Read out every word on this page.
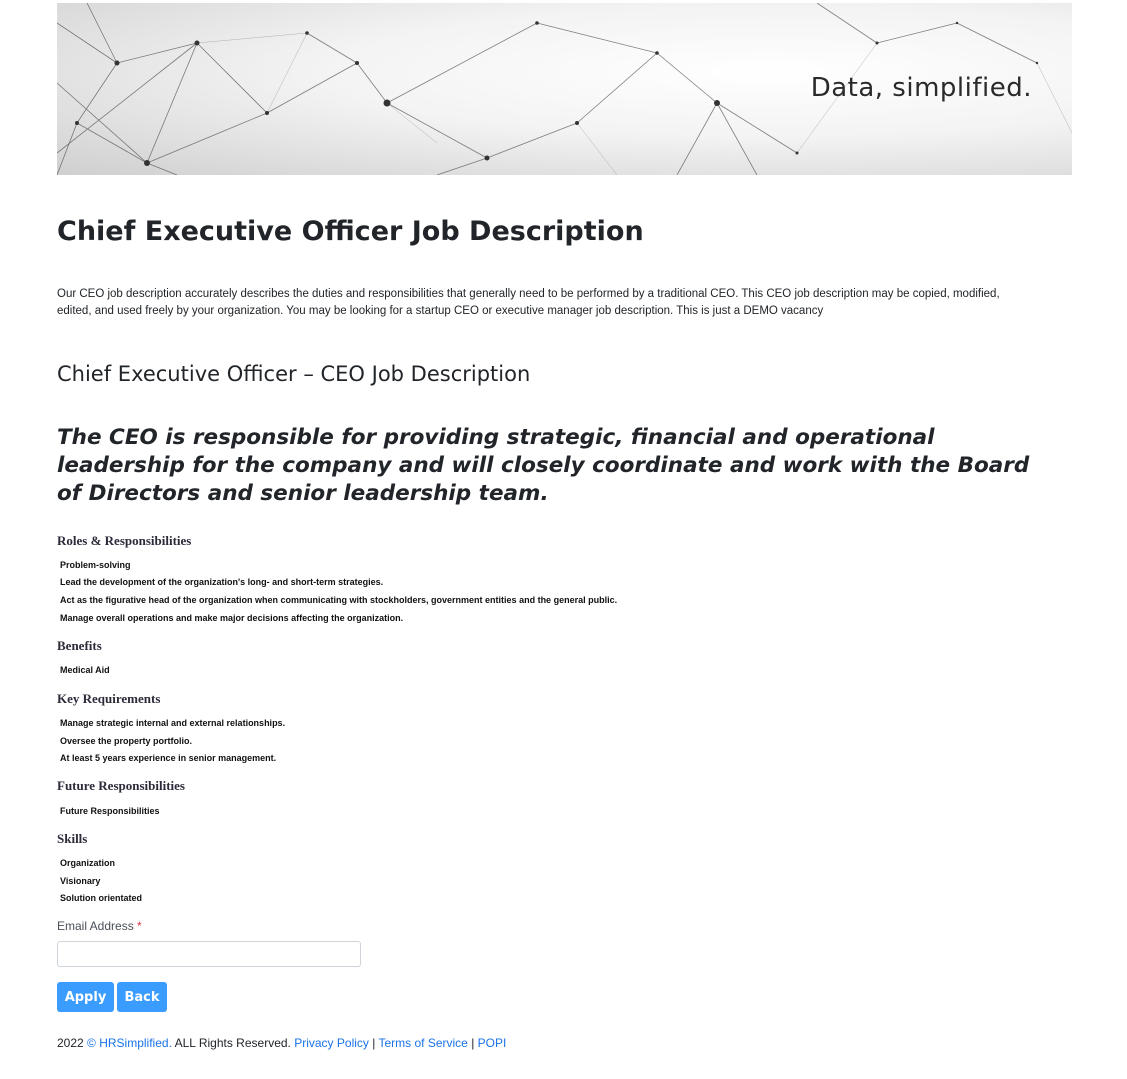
Data, simplified.
Chief Executive Officer Job Description

Our CEO job description accurately describes the duties and responsibilities that generally need to be performed by a traditional CEO. This CEO job description may be copied, modified, edited, and used freely by your organization. You may be looking for a startup CEO or executive manager job description. This is just a DEMO vacancy

Chief Executive Officer – CEO Job Description
The CEO is responsible for providing strategic, financial and operational leadership for the company and will closely coordinate and work with the Board of Directors and senior leadership team.
Roles & Responsibilities
Problem-solving
Lead the development of the organization's long- and short-term strategies.
Act as the figurative head of the organization when communicating with stockholders, government entities and the general public.
Manage overall operations and make major decisions affecting the organization.
Benefits
Medical Aid
Key Requirements
Manage strategic internal and external relationships.
Oversee the property portfolio.
At least 5 years experience in senior management.
Future Responsibilities
Future Responsibilities
Skills
Organization
Visionary
Solution orientated
Email Address *
Apply	Back
2022 © HRSimplified. ALL Rights Reserved. Privacy Policy | Terms of Service | POPI
